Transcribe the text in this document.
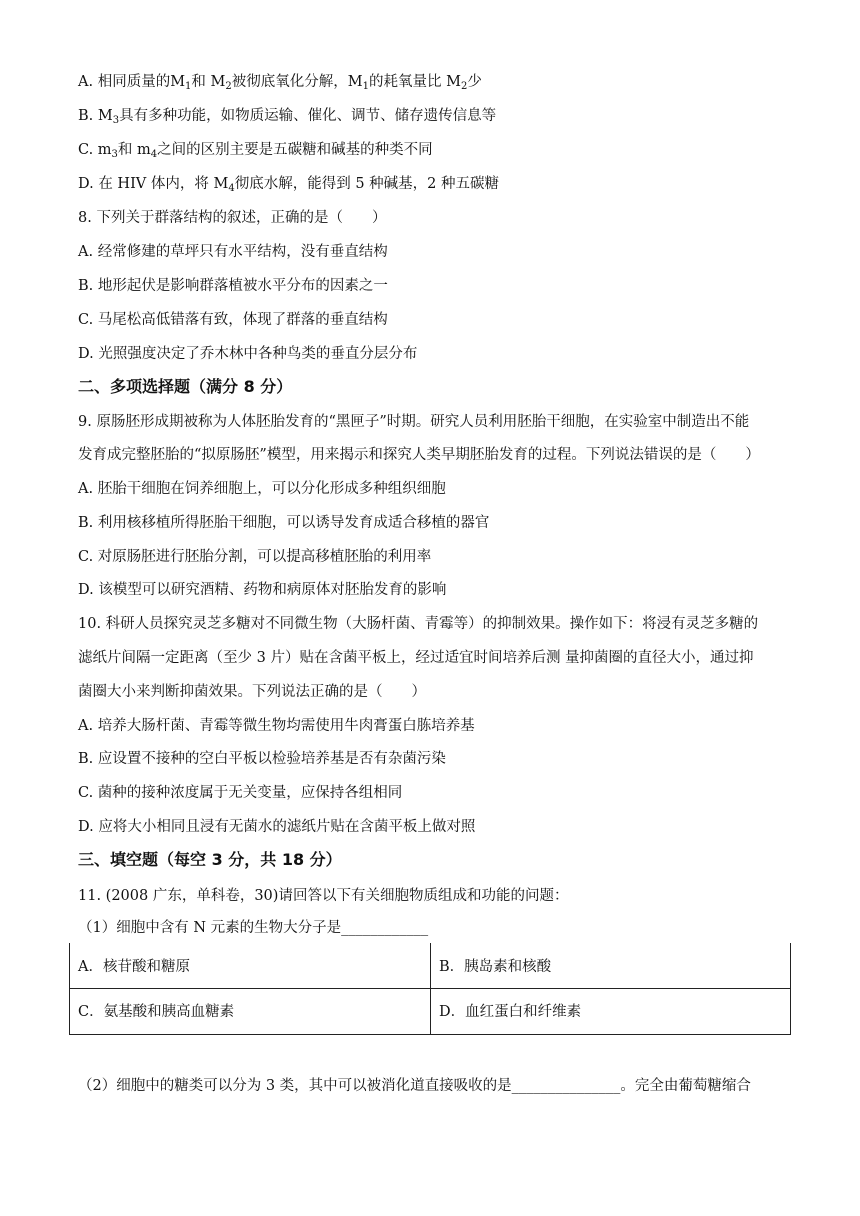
A. 相同质量的$M_1$和 $M_2$被彻底氧化分解，$M_1$的耗氧量比 $M_2$少
B. $M_3$具有多种功能，如物质运输、催化、调节、储存遗传信息等
C. $m_3$和 $m_4$之间的区别主要是五碳糖和碱基的种类不同
D. 在 HIV 体内，将 $M_4$彻底水解，能得到 5 种碱基，2 种五碳糖
8. 下列关于群落结构的叙述，正确的是（　　）
A. 经常修建的草坪只有水平结构，没有垂直结构
B. 地形起伏是影响群落植被水平分布的因素之一
C. 马尾松高低错落有致，体现了群落的垂直结构
D. 光照强度决定了乔木林中各种鸟类的垂直分层分布
二、多项选择题（满分 8 分）
9. 原肠胚形成期被称为人体胚胎发育的“黑匣子”时期。研究人员利用胚胎干细胞，在实验室中制造出不能
发育成完整胚胎的“拟原肠胚”模型，用来揭示和探究人类早期胚胎发育的过程。下列说法错误的是（　　）
A. 胚胎干细胞在饲养细胞上，可以分化形成多种组织细胞
B. 利用核移植所得胚胎干细胞，可以诱导发育成适合移植的器官
C. 对原肠胚进行胚胎分割，可以提高移植胚胎的利用率
D. 该模型可以研究酒精、药物和病原体对胚胎发育的影响
10. 科研人员探究灵芝多糖对不同微生物（大肠杆菌、青霉等）的抑制效果。操作如下：将浸有灵芝多糖的
滤纸片间隔一定距离（至少 3 片）贴在含菌平板上，经过适宜时间培养后测 量抑菌圈的直径大小，通过抑
菌圈大小来判断抑菌效果。下列说法正确的是（　　）
A. 培养大肠杆菌、青霉等微生物均需使用牛肉膏蛋白胨培养基
B. 应设置不接种的空白平板以检验培养基是否有杂菌污染
C. 菌种的接种浓度属于无关变量，应保持各组相同
D. 应将大小相同且浸有无菌水的滤纸片贴在含菌平板上做对照
三、填空题（每空 3 分，共 18 分）
11. (2008 广东，单科卷，30)请回答以下有关细胞物质组成和功能的问题：
（1）细胞中含有 N 元素的生物大分子是____________
A．核苷酸和糖原	B．胰岛素和核酸
C．氨基酸和胰高血糖素	D．血红蛋白和纤维素
（2）细胞中的糖类可以分为 3 类，其中可以被消化道直接吸收的是_______________。完全由葡萄糖缩合
